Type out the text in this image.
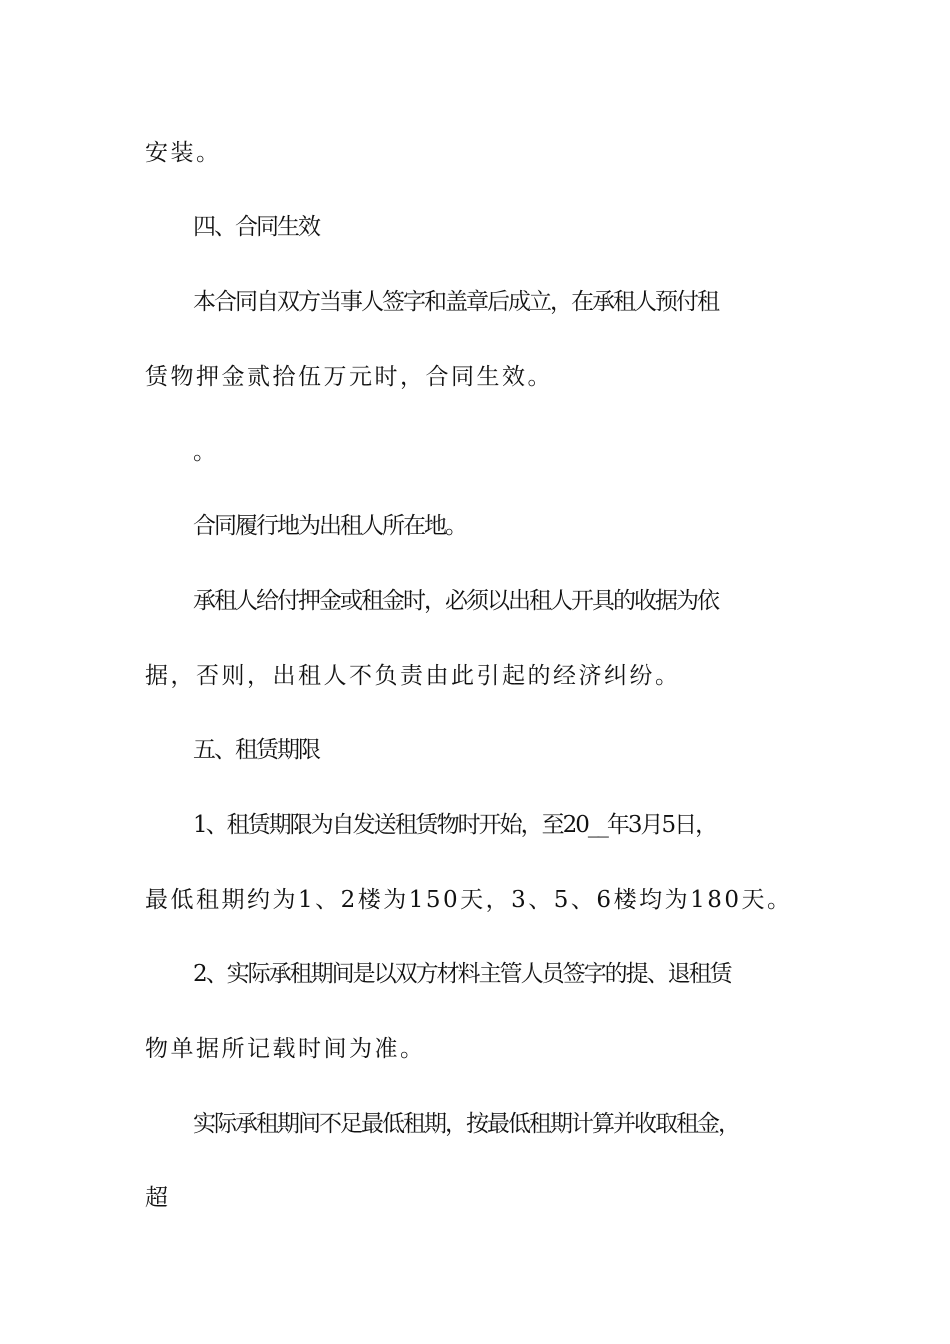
安装。

四、合同生效

本合同自双方当事人签字和盖章后成立，在承租人预付租

赁物押金贰拾伍万元时，合同生效。

。

合同履行地为出租人所在地。

承租人给付押金或租金时，必须以出租人开具的收据为依

据，否则，出租人不负责由此引起的经济纠纷。

五、租赁期限

1、租赁期限为自发送租赁物时开始，至20__年3月5日，

最低租期约为1、2楼为150天，3、5、6楼均为180天。

2、实际承租期间是以双方材料主管人员签字的提、退租赁

物单据所记载时间为准。

实际承租期间不足最低租期，按最低租期计算并收取租金，

超
